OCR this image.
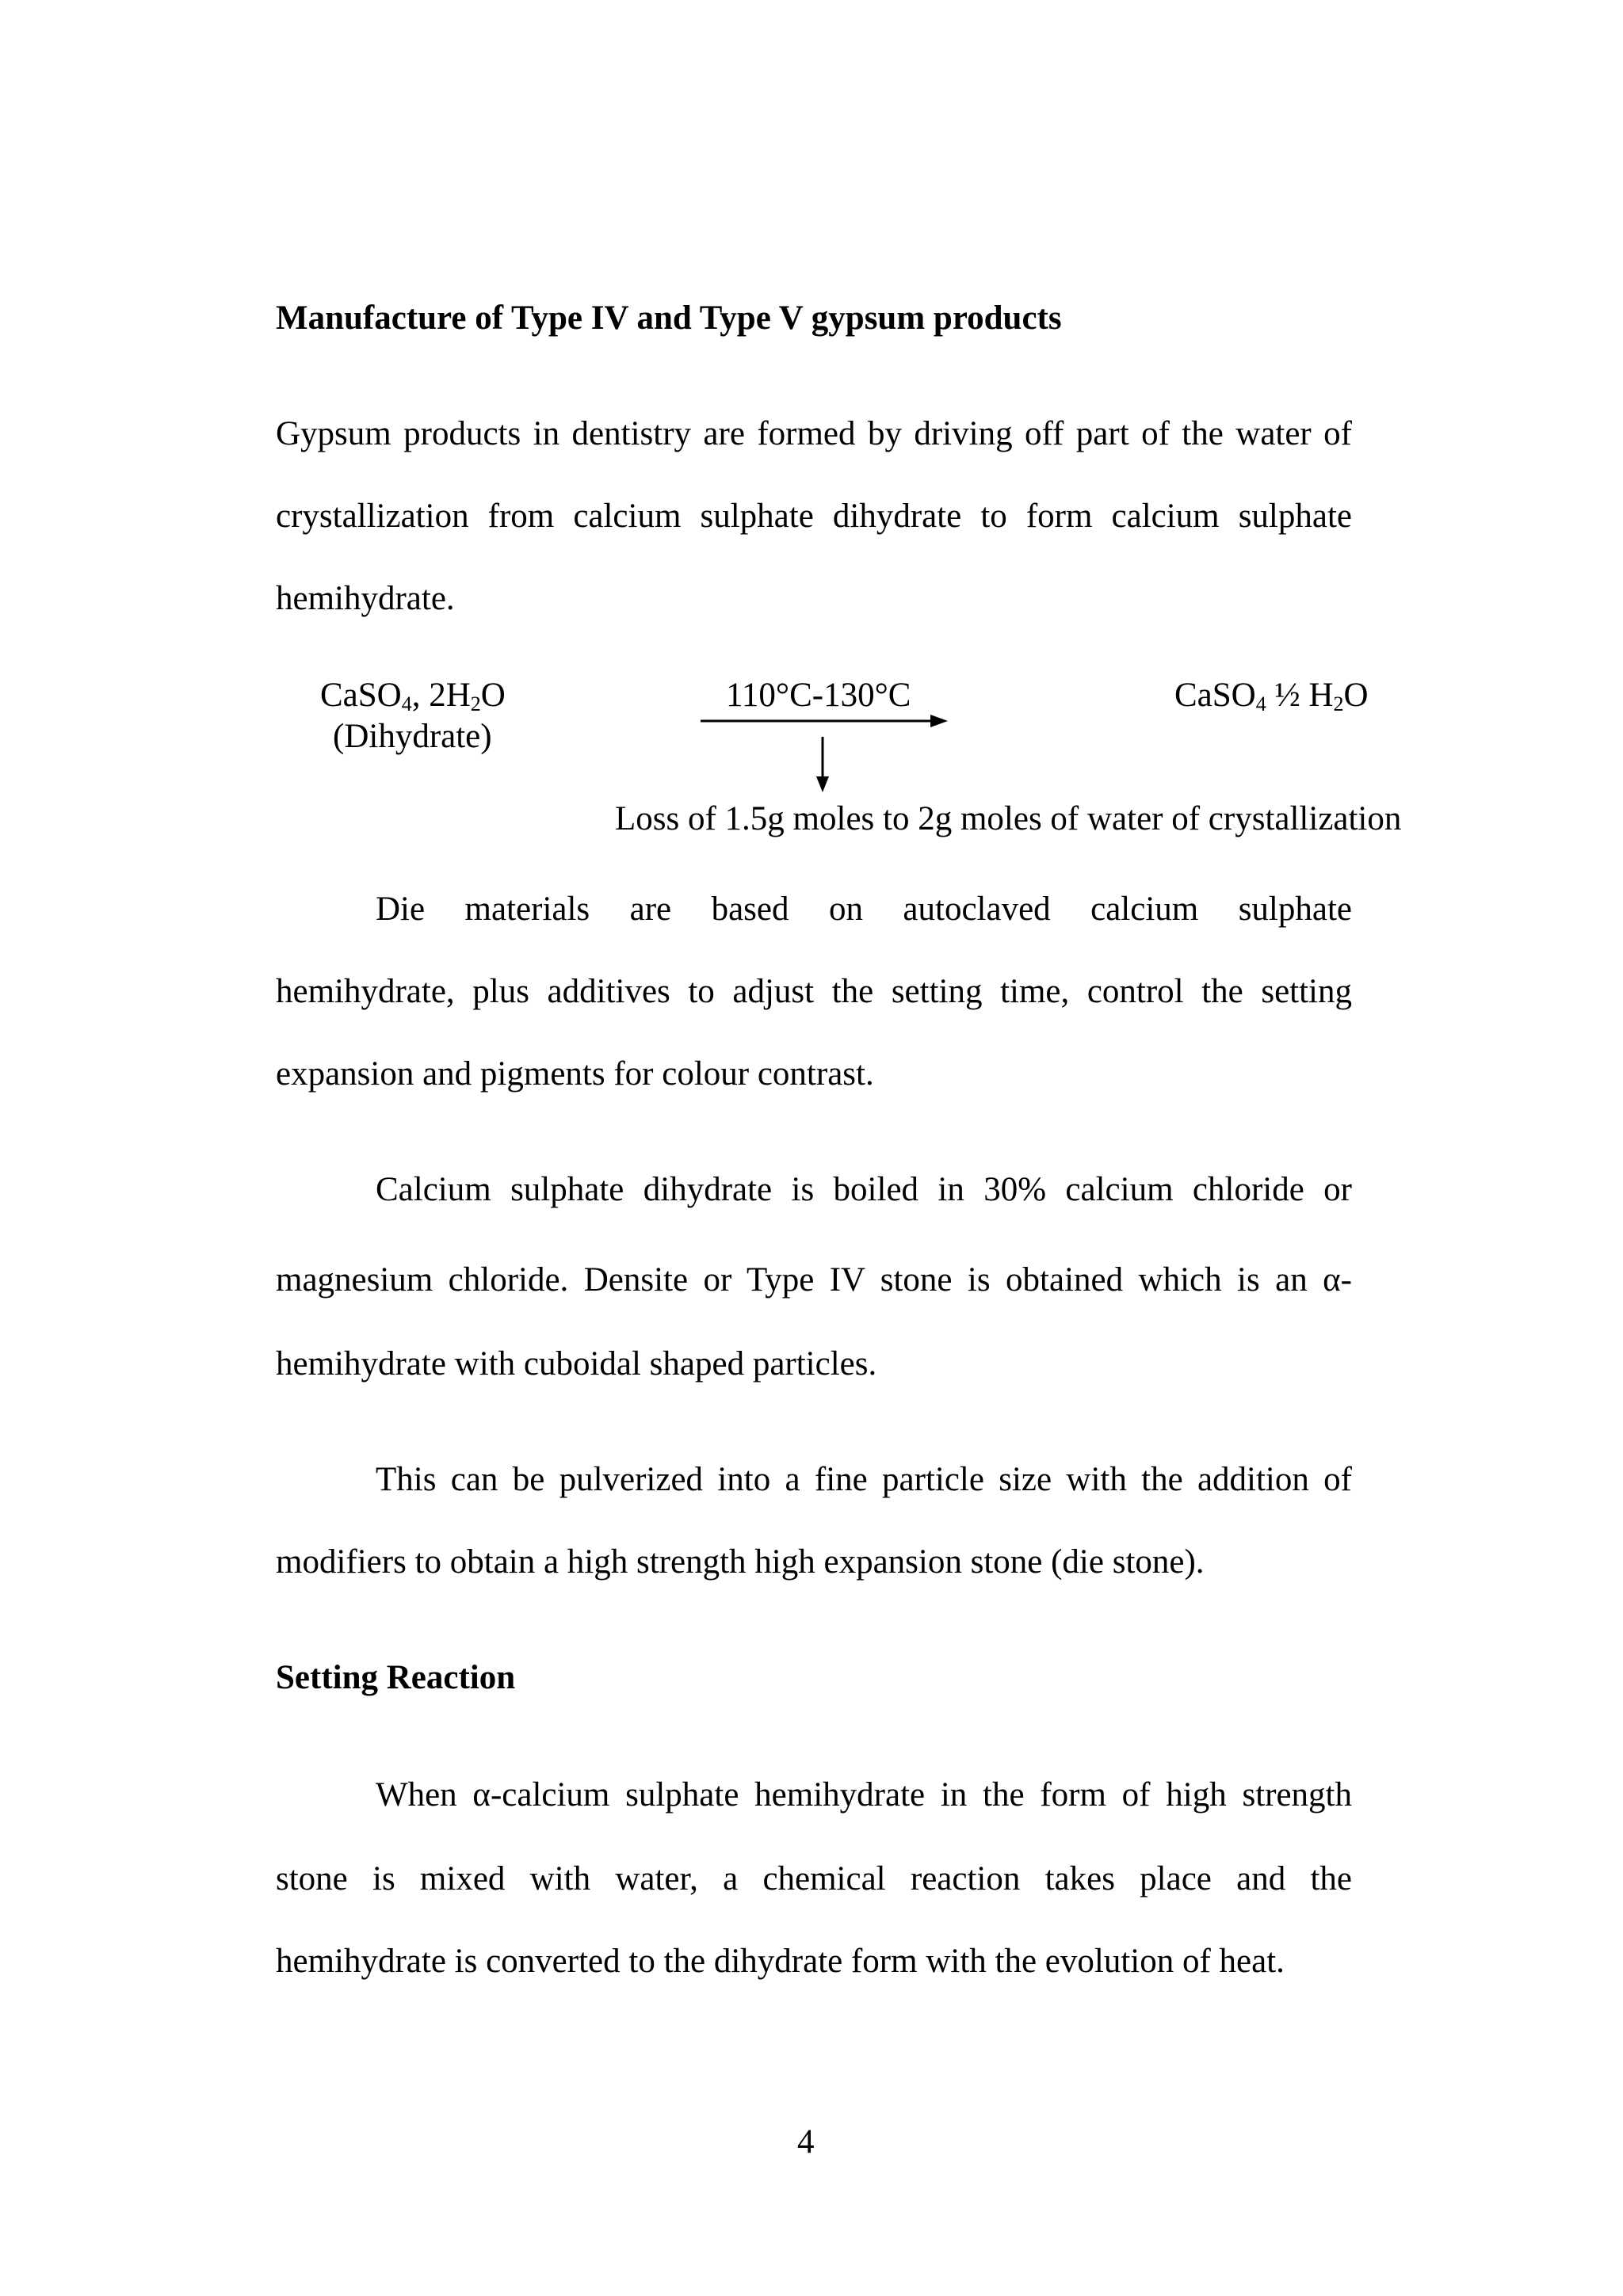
Manufacture of Type IV and Type V gypsum products

Gypsum products in dentistry are formed by driving off part of the water of

crystallization from calcium sulphate dihydrate to form calcium sulphate

hemihydrate.

CaSO$_4$, $2H_2O$

(Dihydrate)

110°C-130°C	CaSO$_4$ ½ $H_2O$

Loss of 1.5g moles to 2g moles of water of crystallization

Die materials are based on autoclaved calcium sulphate

hemihydrate, plus additives to adjust the setting time, control the setting

expansion and pigments for colour contrast.

Calcium sulphate dihydrate is boiled in 30% calcium chloride or

magnesium chloride. Densite or Type IV stone is obtained which is an α-

hemihydrate with cuboidal shaped particles.

This can be pulverized into a fine particle size with the addition of

modifiers to obtain a high strength high expansion stone (die stone).

Setting Reaction

When α-calcium sulphate hemihydrate in the form of high strength

stone is mixed with water, a chemical reaction takes place and the

hemihydrate is converted to the dihydrate form with the evolution of heat.

4
